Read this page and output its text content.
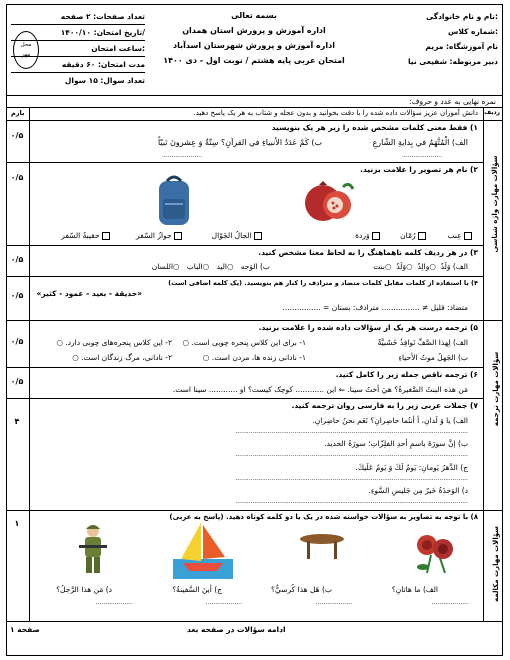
نام و نام خانوادگی:
شماره کلاس:
نام آموزشگاه: مریم
دبیر مربوطه: شفیعی نیا
بسمه تعالی
اداره آموزش و پرورش استان همدان
اداره آموزش و پرورش شهرستان اسدآباد
امتحان عربی پایه هشتم / نوبت اول - دی ۱۴۰۰
تعداد صفحات: ۲ صفحه
تاریخ امتحان: ۱۴۰۰/۱۰/
ساعت امتحان:
مدت امتحان: ۶۰ دقیقه
تعداد سوال: ۱۵ سوال
محل
مهر
نمره نهایی به عدد و حروف:
دانش آموزان عزیز سؤالات داده شده را با دقت بخوانید و بدون عجله و شتاب به هر یک پاسخ دهید. ردیف
بارم
سؤالات مهارت واژه شناسی
سؤالات مهارت ترجمه
سؤالات مهارت مکالمه
۱) فقط معنی کلمات مشخص شده را زیر هر یک بنویسید
الف) الْمُتَّهَمُ في بِدايةِ الشّارعِ
ب) كَمْ عَدَدُ الأنبياءِ في القرآنِ؟ سِتّةٌ وَ عِشرونَ نَبيّاً
.....................
.....................
۰/۵
۲) نام هر تصویر را علامت بزنید.
عِنب
رُمّان
وَردة
الجالُ الجَوّال
جوازُ السّفر
حقيبةُ السّفر
۰/۵
۳) در هر ردیف کلمه ناهماهنگ را به لحاظ معنا مشخص کنید.
الف) وَلَدٌ  ○والِدٌ  ○وَلَدٌ  ○بنت
ب) الوَجه   ○الید   ○الباب   ○اللسان
۰/۵
۴) با استفاده از کلمات مقابل کلمات متضاد و مترادف را کنار هم بنویسید. (یک کلمه اضافی است)
«حدیقة - بعید - عمود - کثیر»
متضاد: قلیل ≠ ................ مترادف: بستان = ................
۰/۵
۵) ترجمه درست هر یک از سؤالات داده شده را علامت بزنید.
الف) لِهذا الصَّفِّ نَوافِذُ خَشَبيَّةٌ
۱- برای این کلاس پنجره چوبی است. ○
۲- این کلاس پنجره‌های چوبی دارد. ○
ب) الجَهلُ موتُ الأحياءِ
۱- نادانی زنده ها، مردن است. ○
۲- نادانی، مرگ زندگان است. ○
۰/۵
۶) ترجمه ناقص جمله زیر را کامل کنید.
مَن هذه البنتُ الصَّغيرةُ؟ هيَ أختُ سینا. ⇐ این ............ کوچک کیست؟ او ............ سینا است.
۰/۵
۷) جملات عربی زیر را به فارسی روان ترجمه کنید.
الف) يا وَ لَدانِ، أ أنتُما حاضِرانِ؟ نَعَم نحنُ حاضِرانِ.
..........................................................................................................................
ب) إنَّ سورَةَ باسمِ أحدِ الفلِزّاتِ؛ سورَةُ الحديد.
..........................................................................................................................
ج) الدَّهرُ يَومانِ: يَومٌ لَكَ وَ يَومٌ عَلَيكَ.
..........................................................................................................................
د) الوَحدَةُ خَيرٌ مِن جَليسِ السَّوءِ.
..........................................................................................................................
۴
۸) با توجه به تصاویر به سؤالات خواسته شده در یک یا دو کلمه کوتاه دهید. (پاسخ به عربی)
الف) ما هاتانِ؟
ب) هَل هذا كُرسيٌّ؟
ج) أينَ السَّفينةُ؟
د) مَن هذا الرَّجلُ؟
...................
...................
...................
...................
۱
ادامه سؤالات در صفحه بعد
صفحه ۱
